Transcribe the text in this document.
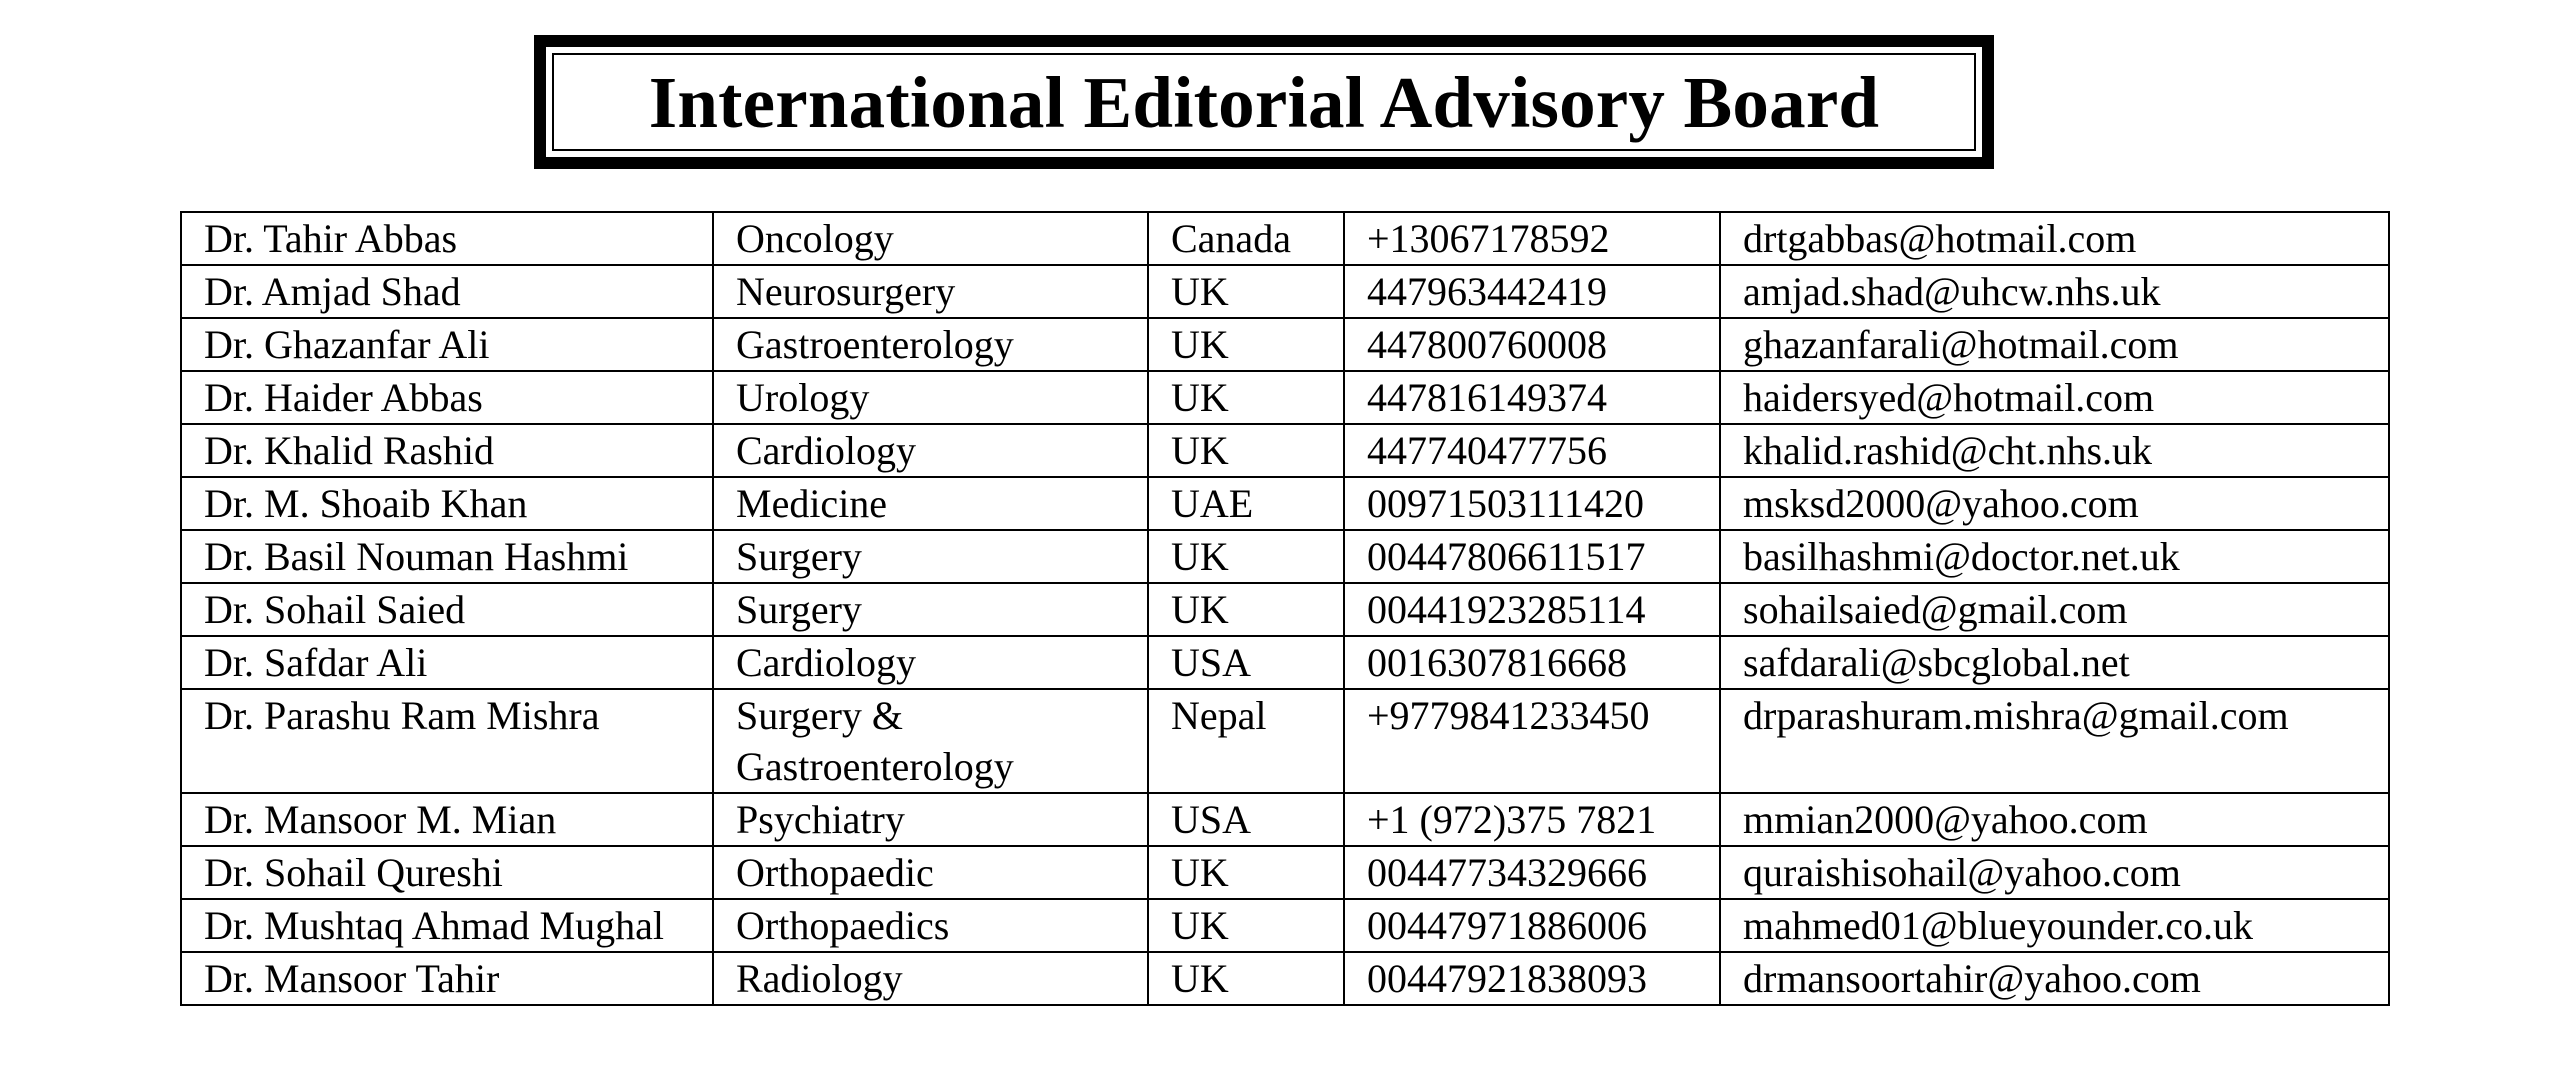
International Editorial Advisory Board
Dr. Tahir Abbas	Oncology	Canada	+13067178592	drtgabbas@hotmail.com
Dr. Amjad Shad	Neurosurgery	UK	447963442419	amjad.shad@uhcw.nhs.uk
Dr. Ghazanfar Ali	Gastroenterology	UK	447800760008	ghazanfarali@hotmail.com
Dr. Haider Abbas	Urology	UK	447816149374	haidersyed@hotmail.com
Dr. Khalid Rashid	Cardiology	UK	447740477756	khalid.rashid@cht.nhs.uk
Dr. M. Shoaib Khan	Medicine	UAE	00971503111420	msksd2000@yahoo.com
Dr. Basil Nouman Hashmi	Surgery	UK	00447806611517	basilhashmi@doctor.net.uk
Dr. Sohail Saied	Surgery	UK	00441923285114	sohailsaied@gmail.com
Dr. Safdar Ali	Cardiology	USA	0016307816668	safdarali@sbcglobal.net
Dr. Parashu Ram Mishra	Surgery & Gastroenterology	Nepal	+9779841233450	drparashuram.mishra@gmail.com
Dr. Mansoor M. Mian	Psychiatry	USA	+1 (972)375 7821	mmian2000@yahoo.com
Dr. Sohail Qureshi	Orthopaedic	UK	00447734329666	quraishisohail@yahoo.com
Dr. Mushtaq Ahmad Mughal	Orthopaedics	UK	00447971886006	mahmed01@blueyounder.co.uk
Dr. Mansoor Tahir	Radiology	UK	00447921838093	drmansoortahir@yahoo.com
